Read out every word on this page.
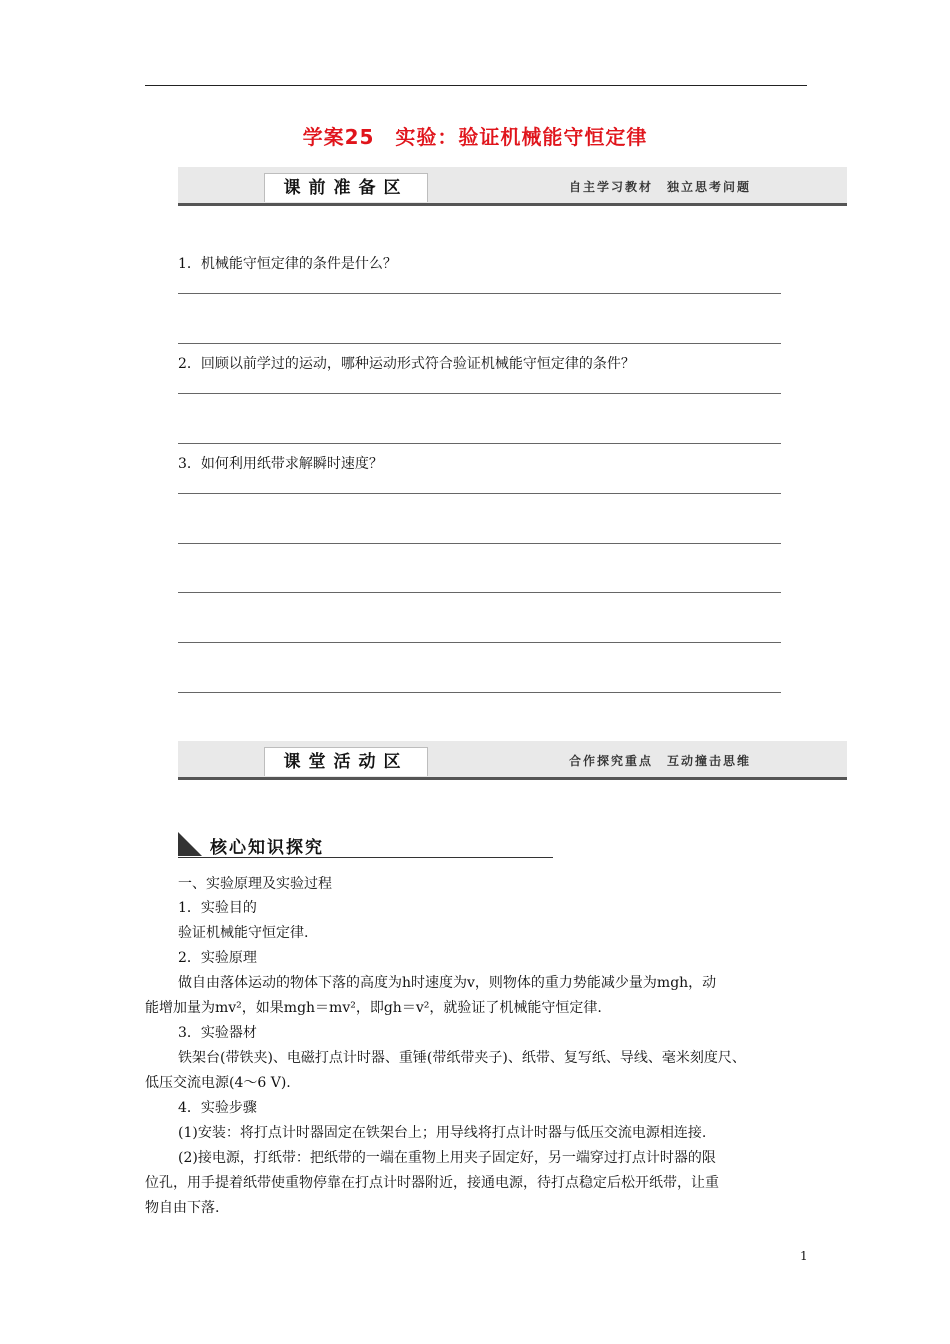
学案25　实验：验证机械能守恒定律
课前准备区	自主学习教材　独立思考问题
1．机械能守恒定律的条件是什么？
2．回顾以前学过的运动，哪种运动形式符合验证机械能守恒定律的条件？
3．如何利用纸带求解瞬时速度？
课堂活动区	合作探究重点　互动撞击思维
核心知识探究
一、实验原理及实验过程
1．实验目的
验证机械能守恒定律.
2．实验原理
做自由落体运动的物体下落的高度为h时速度为v，则物体的重力势能减少量为mgh，动
能增加量为mv²，如果mgh＝mv²，即gh＝v²，就验证了机械能守恒定律.
3．实验器材
铁架台(带铁夹)、电磁打点计时器、重锤(带纸带夹子)、纸带、复写纸、导线、毫米刻度尺、
低压交流电源(4～6 V).
4．实验步骤
(1)安装：将打点计时器固定在铁架台上；用导线将打点计时器与低压交流电源相连接.
(2)接电源，打纸带：把纸带的一端在重物上用夹子固定好，另一端穿过打点计时器的限
位孔，用手提着纸带使重物停靠在打点计时器附近，接通电源，待打点稳定后松开纸带，让重
物自由下落.
1
